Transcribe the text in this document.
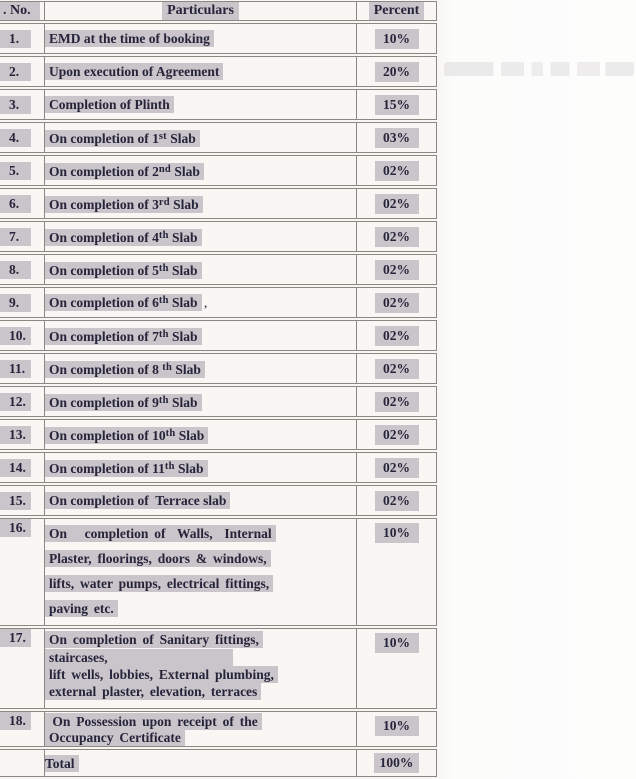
. No.	Particulars	Percent
1.	EMD at the time of booking	10%
2.	Upon execution of Agreement	20%
3.	Completion of Plinth	15%
4.	On completion of 1st Slab	03%
5.	On completion of 2nd Slab	02%
6.	On completion of 3rd Slab	02%
7.	On completion of 4th Slab	02%
8.	On completion of 5th Slab	02%
9.	On completion of 6th Slab ,	02%
10.	On completion of 7th Slab	02%
11.	On completion of 8 $^{th}$ Slab	02%
12.	On completion of 9th Slab	02%
13.	On completion of 10th Slab	02%
14.	On completion of 11th Slab	02%
15.	On completion of  Terrace slab	02%
16.	On   completion of  Walls,  Internal
Plaster, floorings, doors & windows,
lifts, water pumps, electrical fittings,
paving etc.	10%
17.	On completion of Sanitary fittings,
staircases,
lift wells, lobbies, External plumbing,
external plaster, elevation, terraces	10%
18.	On Possession upon receipt of the
Occupancy Certificate	10%

	Total	100%
